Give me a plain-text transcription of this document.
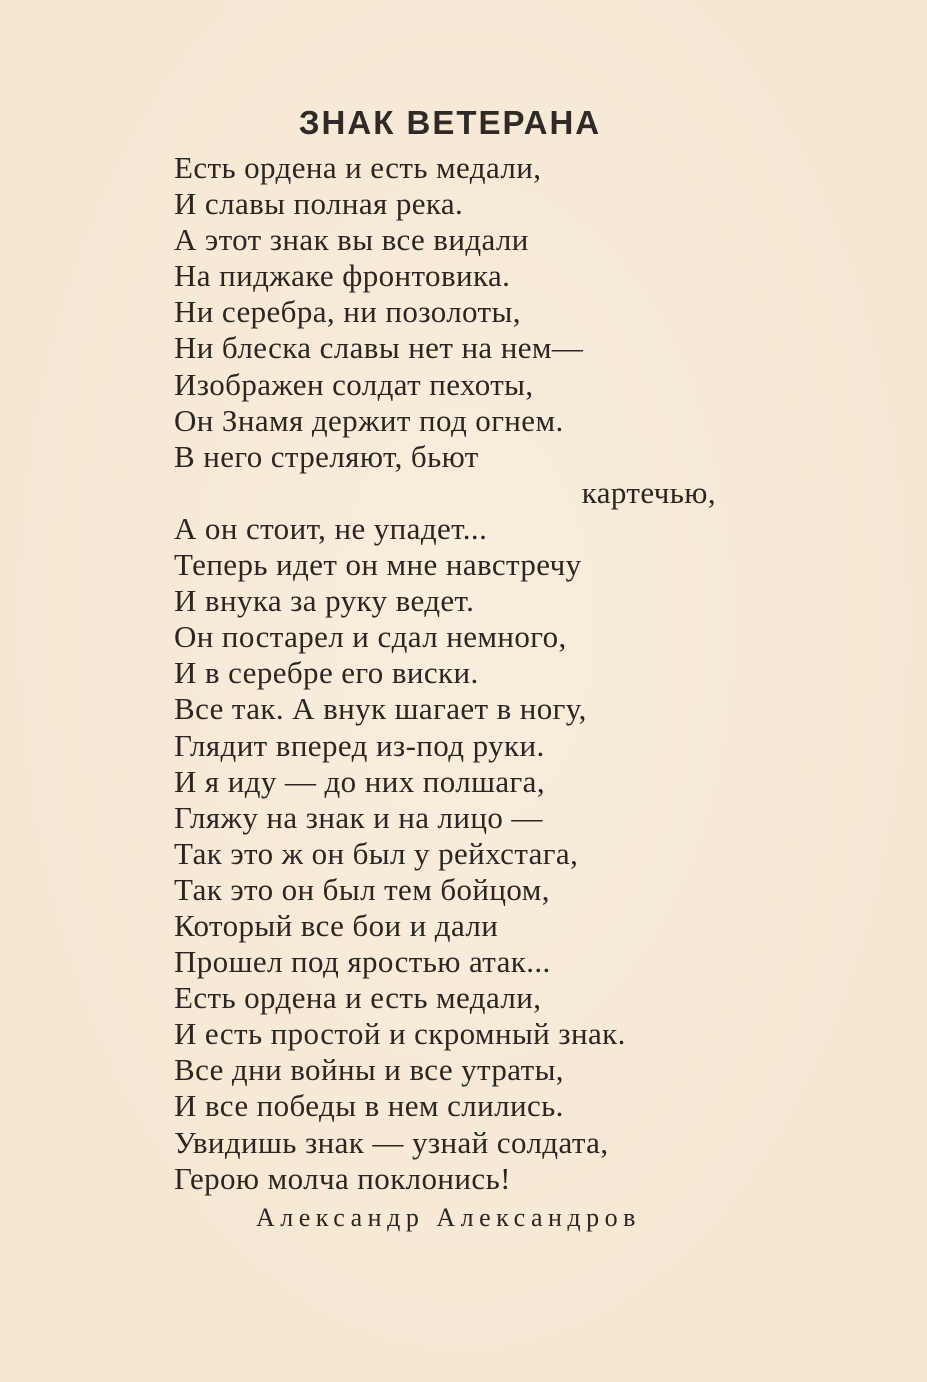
ЗНАК ВЕТЕРАНА
Есть ордена и есть медали,
И славы полная река.
А этот знак вы все видали
На пиджаке фронтовика.
Ни серебра, ни позолоты,
Ни блеска славы нет на нем—
Изображен солдат пехоты,
Он Знамя держит под огнем.
В него стреляют, бьют
картечью,
А он стоит, не упадет...
Теперь идет он мне навстречу
И внука за руку ведет.
Он постарел и сдал немного,
И в серебре его виски.
Все так. А внук шагает в ногу,
Глядит вперед из-под руки.
И я иду — до них полшага,
Гляжу на знак и на лицо —
Так это ж он был у рейхстага,
Так это он был тем бойцом,
Который все бои и дали
Прошел под яростью атак...
Есть ордена и есть медали,
И есть простой и скромный знак.
Все дни войны и все утраты,
И все победы в нем слились.
Увидишь знак — узнай солдата,
Герою молча поклонись!
Александр Александров
